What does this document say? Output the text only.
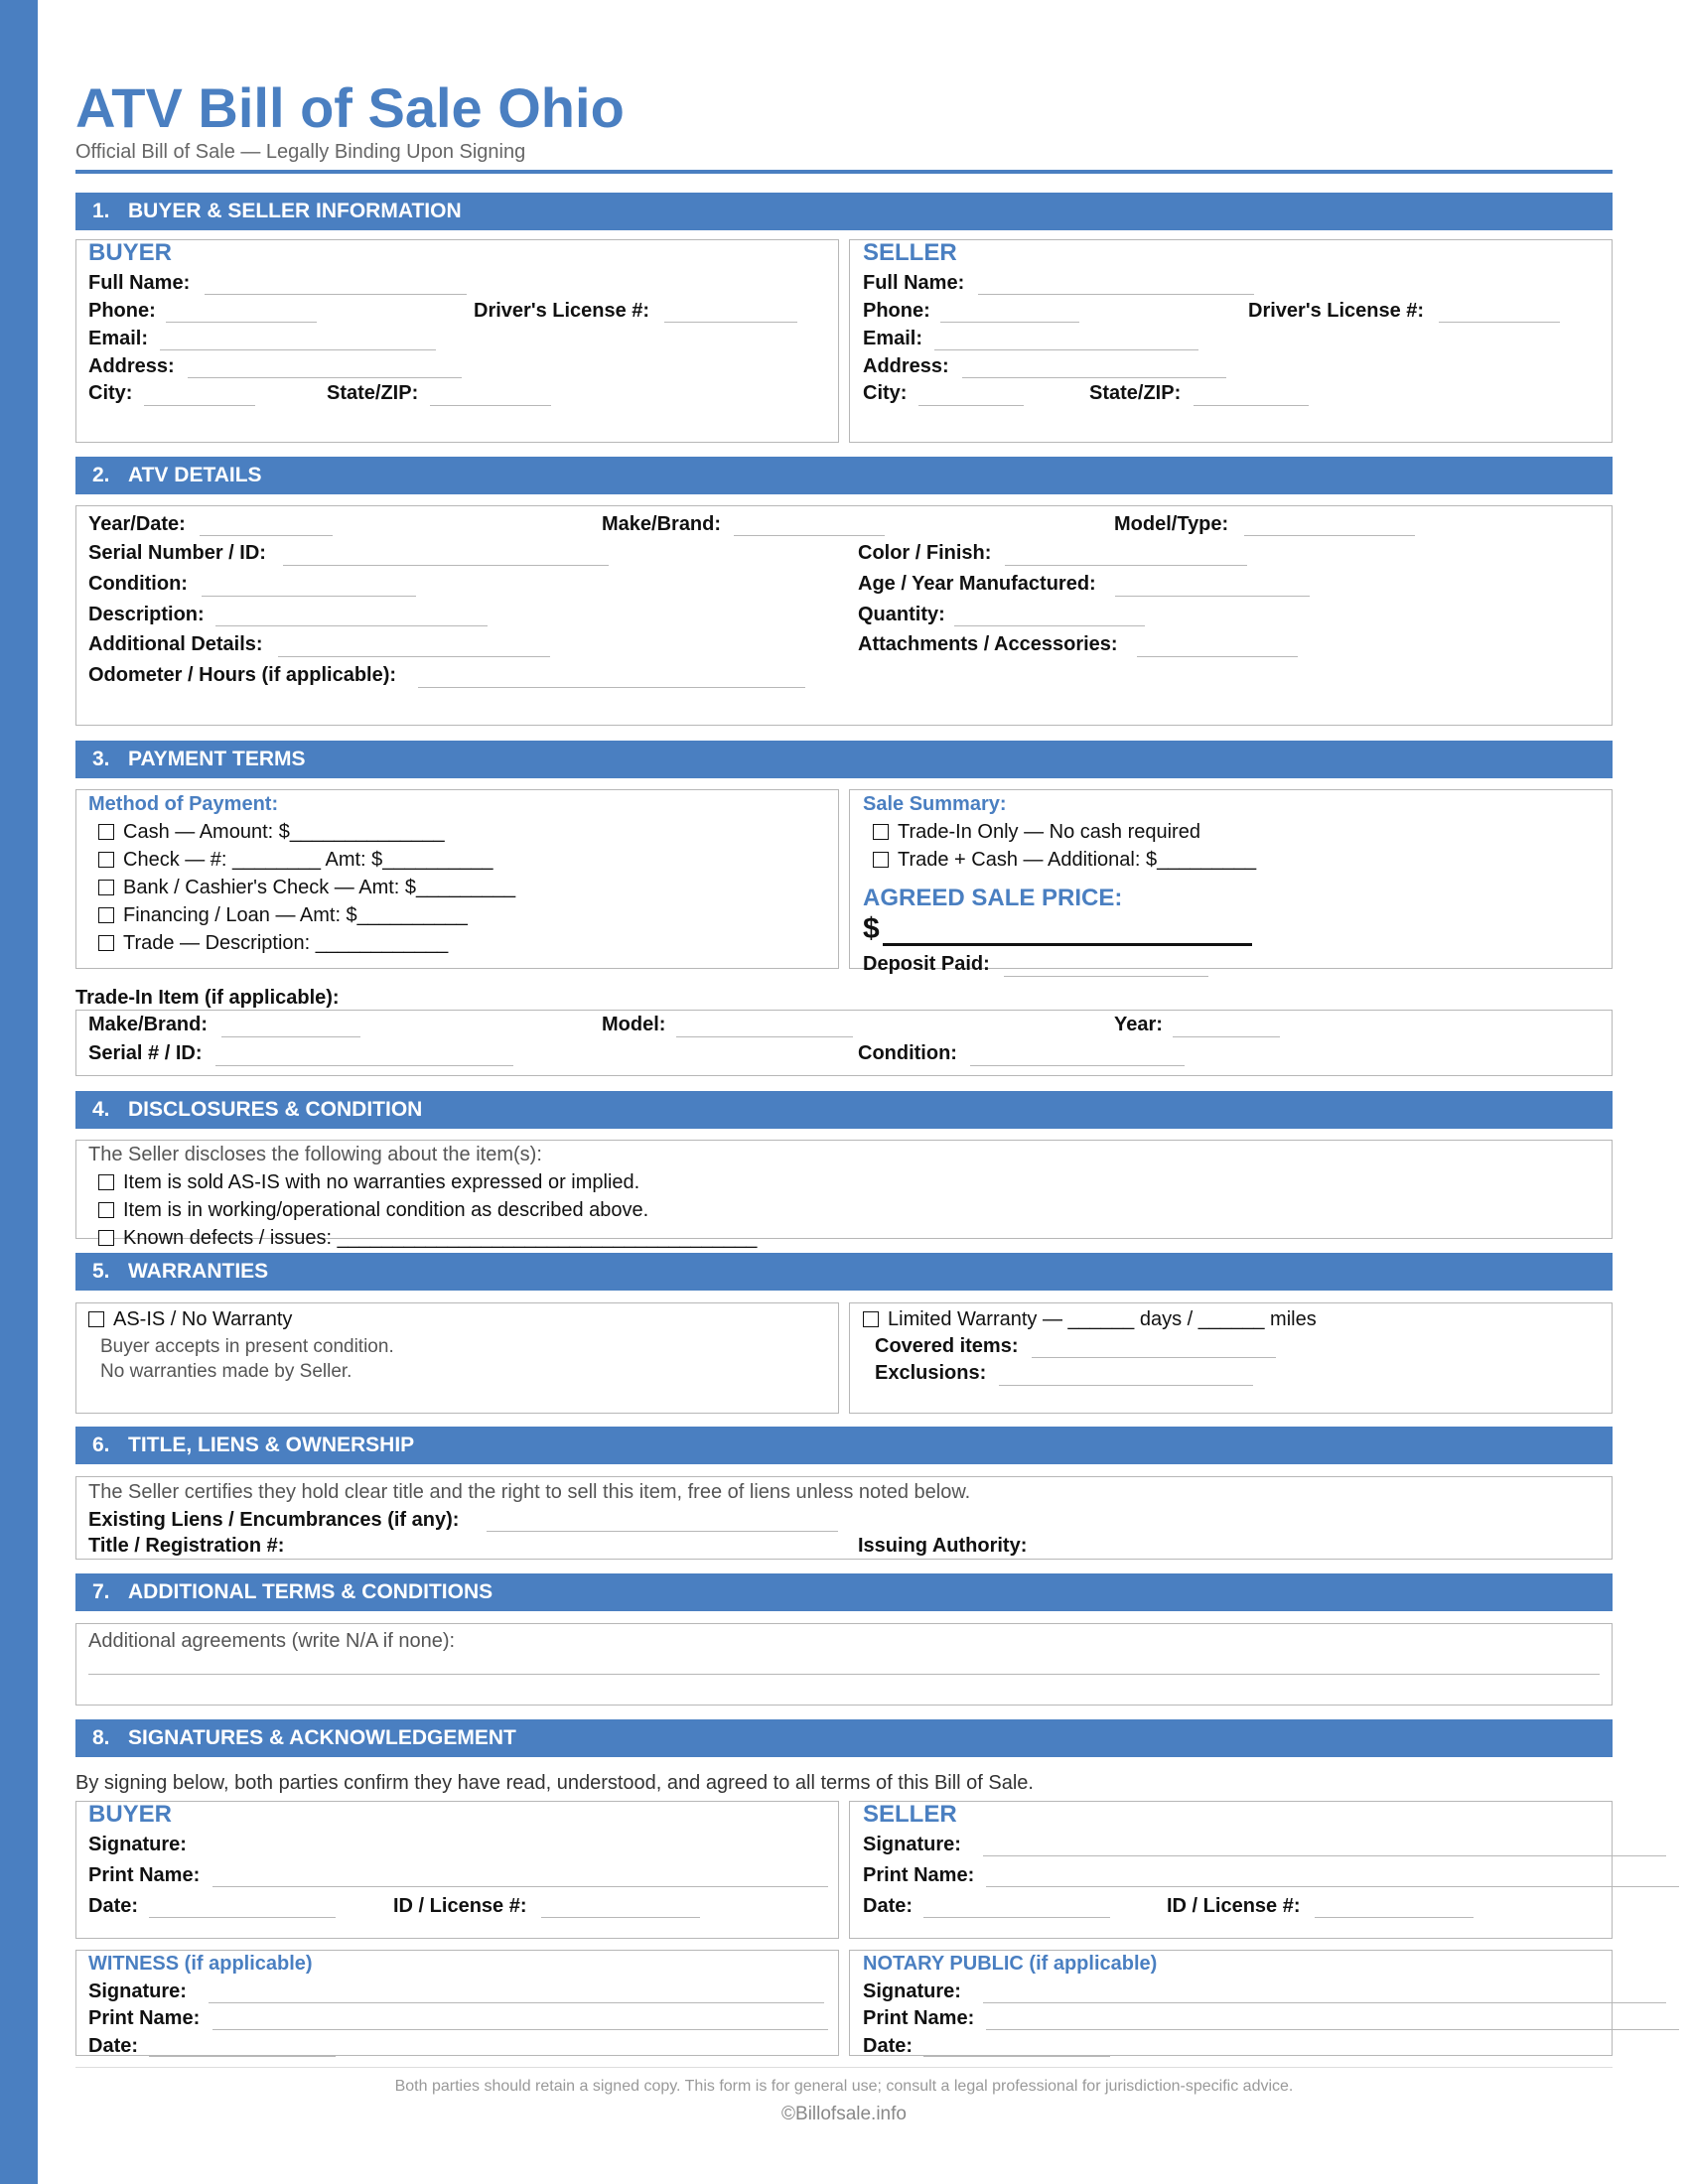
ATV Bill of Sale Ohio
Official Bill of Sale — Legally Binding Upon Signing
1. BUYER & SELLER INFORMATION
BUYER
Full Name:
Phone:	Driver's License #:
Email:
Address:
City:	State/ZIP:
SELLER
Full Name:
Phone:	Driver's License #:
Email:
Address:
City:	State/ZIP:
2. ATV DETAILS
Year/Date:	Make/Brand:	Model/Type:
Serial Number / ID:	Color / Finish:
Condition:	Age / Year Manufactured:
Description:	Quantity:
Additional Details:	Attachments / Accessories:
Odometer / Hours (if applicable):
3. PAYMENT TERMS
Method of Payment:
Cash — Amount: $______________
Check — #: ________ Amt: $__________
Bank / Cashier's Check — Amt: $_________
Financing / Loan — Amt: $__________
Trade — Description: ____________
Sale Summary:
Trade-In Only — No cash required
Trade + Cash — Additional: $_________
AGREED SALE PRICE:
$
Deposit Paid:
Trade-In Item (if applicable):
Make/Brand:	Model:	Year:
Serial # / ID:	Condition:
4. DISCLOSURES & CONDITION
The Seller discloses the following about the item(s):
Item is sold AS-IS with no warranties expressed or implied.
Item is in working/operational condition as described above.
Known defects / issues: ______________________________________
5. WARRANTIES
AS-IS / No Warranty
Buyer accepts in present condition.
No warranties made by Seller.
Limited Warranty — ______ days / ______ miles
Covered items:
Exclusions:
6. TITLE, LIENS & OWNERSHIP
The Seller certifies they hold clear title and the right to sell this item, free of liens unless noted below.
Existing Liens / Encumbrances (if any):
Title / Registration #:	Issuing Authority:
7. ADDITIONAL TERMS & CONDITIONS
Additional agreements (write N/A if none):
8. SIGNATURES & ACKNOWLEDGEMENT
By signing below, both parties confirm they have read, understood, and agreed to all terms of this Bill of Sale.
BUYER
Signature:
Print Name:
Date:	ID / License #:
SELLER
Signature:
Print Name:
Date:	ID / License #:
WITNESS (if applicable)
Signature:
Print Name:
Date:
NOTARY PUBLIC (if applicable)
Signature:
Print Name:
Date:
Both parties should retain a signed copy. This form is for general use; consult a legal professional for jurisdiction-specific advice.
©Billofsale.info
